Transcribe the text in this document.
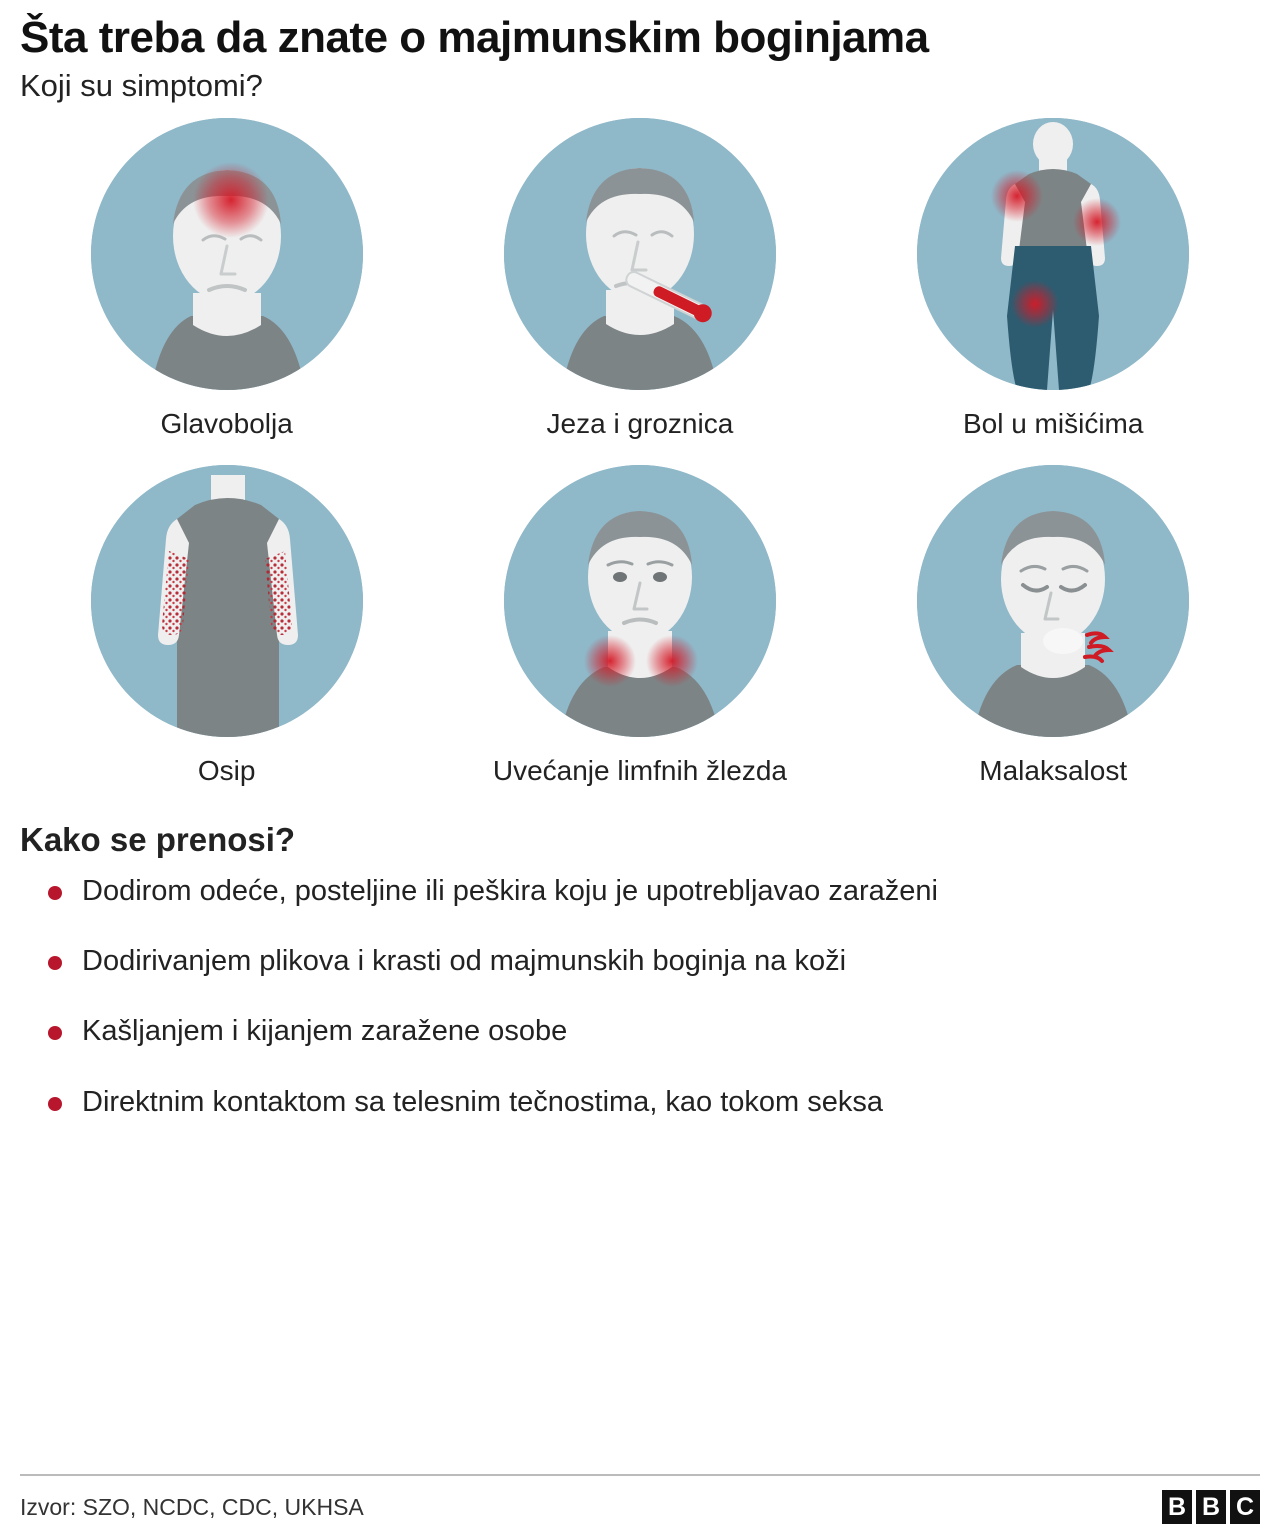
Šta treba da znate o majmunskim boginjama
Koji su simptomi?
Glavobolja	Jeza i groznica	Bol u mišićima
Osip	Uvećanje limfnih žlezda	Malaksalost
Kako se prenosi?
Dodirom odeće, posteljine ili peškira koju je upotrebljavao zaraženi
Dodirivanjem plikova i krasti od majmunskih boginja na koži
Kašljanjem i kijanjem zaražene osobe
Direktnim kontaktom sa telesnim tečnostima, kao tokom seksa
Izvor: SZO, NCDC, CDC, UKHSA	B B C
